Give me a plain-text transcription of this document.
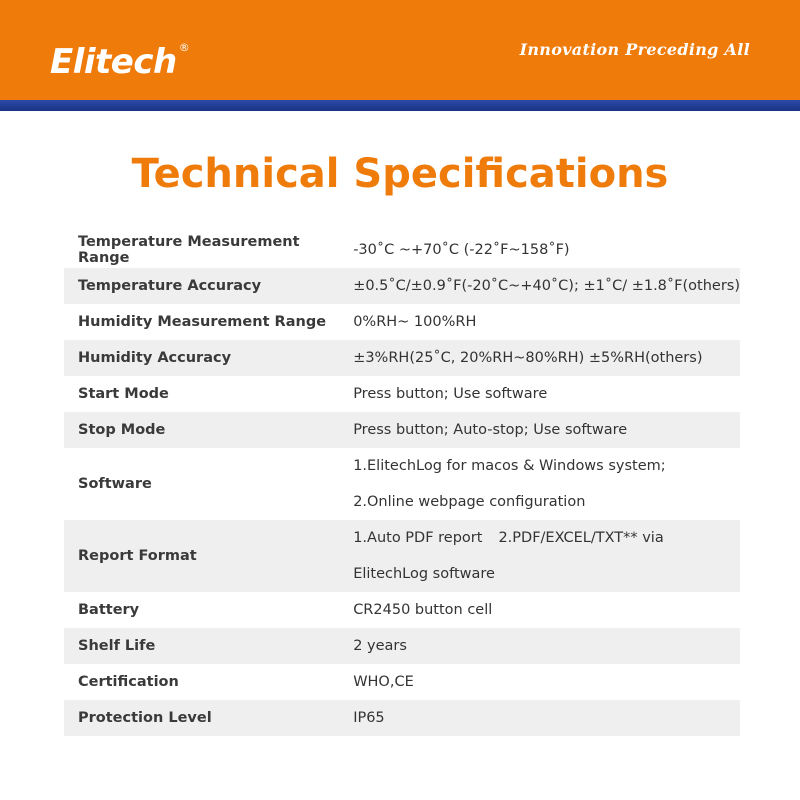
Elitech ®	Innovation Preceding All
Technical Specifications
Temperature Measurement Range	-30˚C ~+70˚C (-22˚F~158˚F)

Temperature Accuracy	±0.5˚C/±0.9˚F(-20˚C~+40˚C); ±1˚C/ ±1.8˚F(others)

Humidity Measurement Range	0%RH~ 100%RH

Humidity Accuracy	±3%RH(25˚C, 20%RH~80%RH) ±5%RH(others)

Start Mode	Press button; Use software

Stop Mode	Press button; Auto-stop; Use software

Software	1.ElitechLog for macos & Windows system;
2.Online webpage configuration

Report Format	1.Auto PDF report 2.PDF/EXCEL/TXT** via
ElitechLog software

Battery	CR2450 button cell

Shelf Life	2 years

Certification	WHO,CE

Protection Level	IP65
